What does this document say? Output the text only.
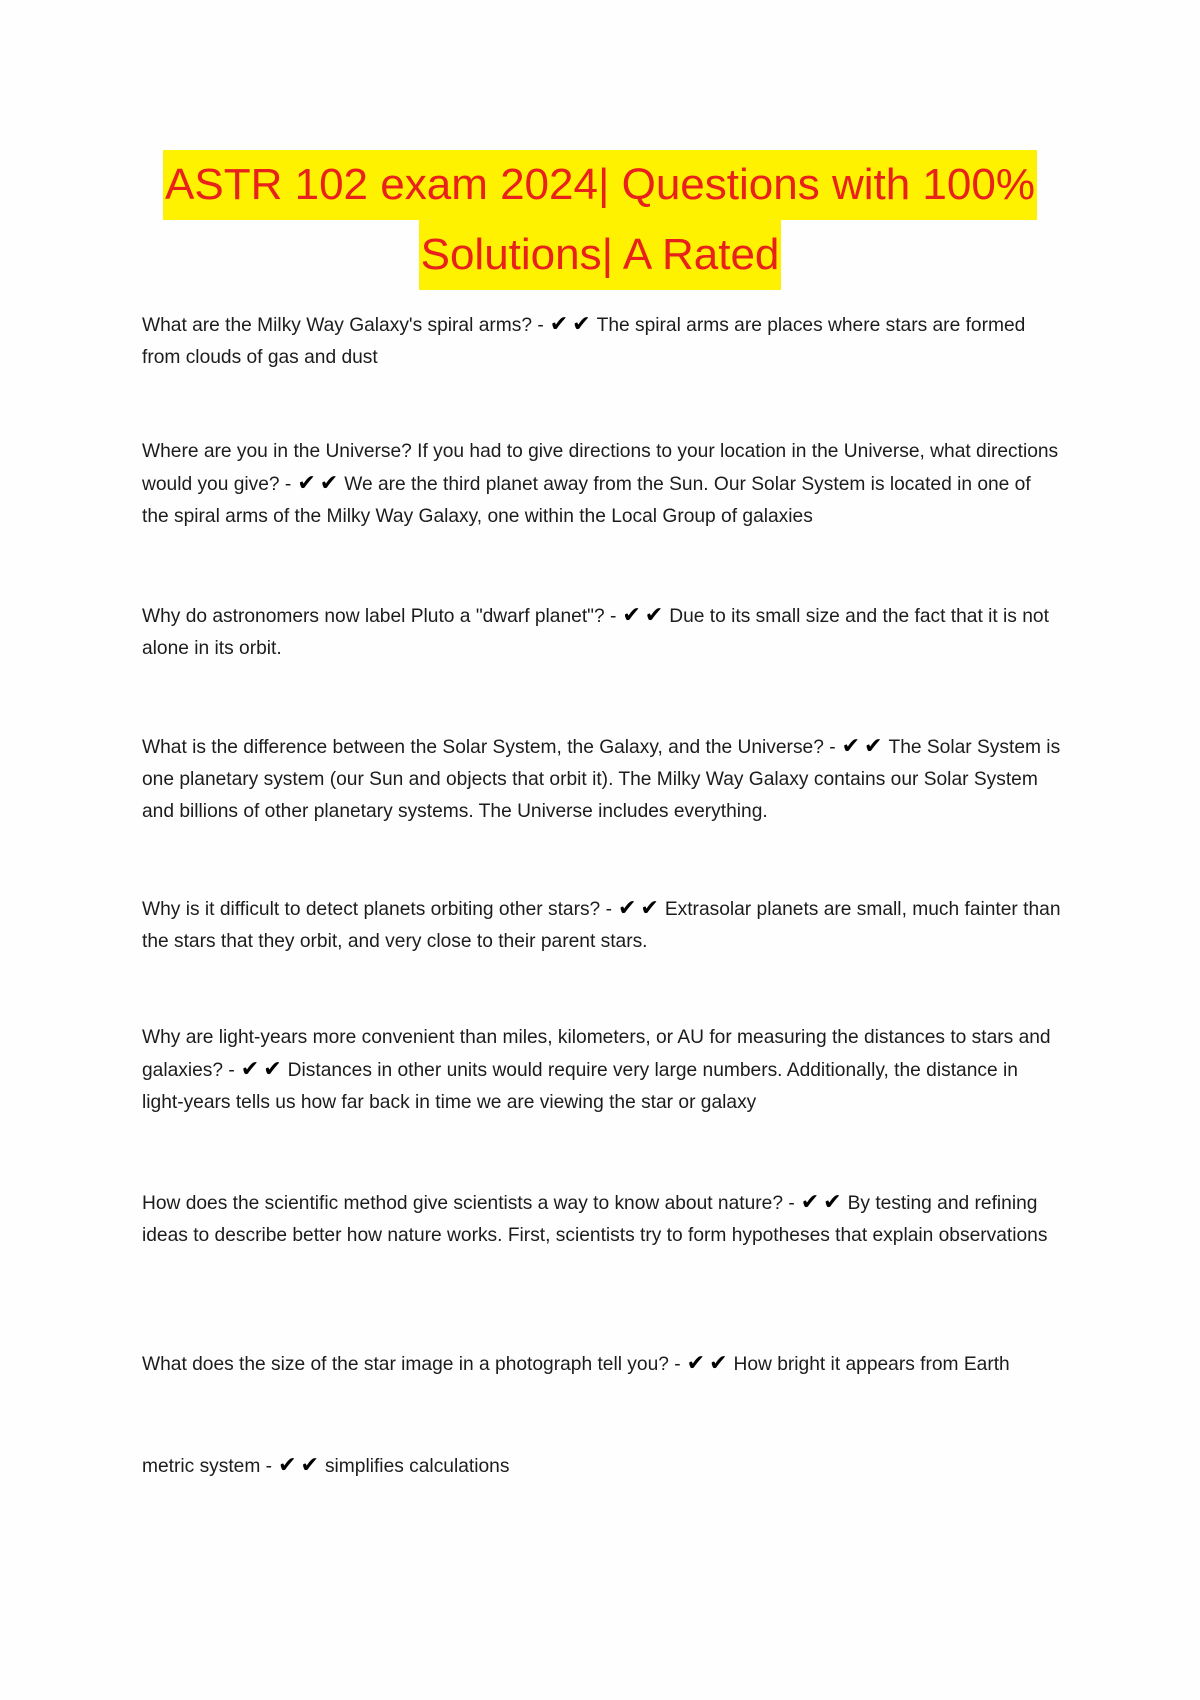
ASTR 102 exam 2024| Questions with 100%
Solutions| A Rated
What are the Milky Way Galaxy's spiral arms? - ✔✔ The spiral arms are places where stars are formed from clouds of gas and dust
Where are you in the Universe? If you had to give directions to your location in the Universe, what directions would you give? - ✔✔ We are the third planet away from the Sun. Our Solar System is located in one of the spiral arms of the Milky Way Galaxy, one within the Local Group of galaxies
Why do astronomers now label Pluto a "dwarf planet"? - ✔✔ Due to its small size and the fact that it is not alone in its orbit.
What is the difference between the Solar System, the Galaxy, and the Universe? - ✔✔ The Solar System is one planetary system (our Sun and objects that orbit it). The Milky Way Galaxy contains our Solar System and billions of other planetary systems. The Universe includes everything.
Why is it difficult to detect planets orbiting other stars? - ✔✔ Extrasolar planets are small, much fainter than the stars that they orbit, and very close to their parent stars.
Why are light-years more convenient than miles, kilometers, or AU for measuring the distances to stars and galaxies? - ✔✔ Distances in other units would require very large numbers. Additionally, the distance in light-years tells us how far back in time we are viewing the star or galaxy
How does the scientific method give scientists a way to know about nature? - ✔✔ By testing and refining ideas to describe better how nature works. First, scientists try to form hypotheses that explain observations
What does the size of the star image in a photograph tell you? - ✔✔ How bright it appears from Earth
metric system - ✔✔ simplifies calculations
